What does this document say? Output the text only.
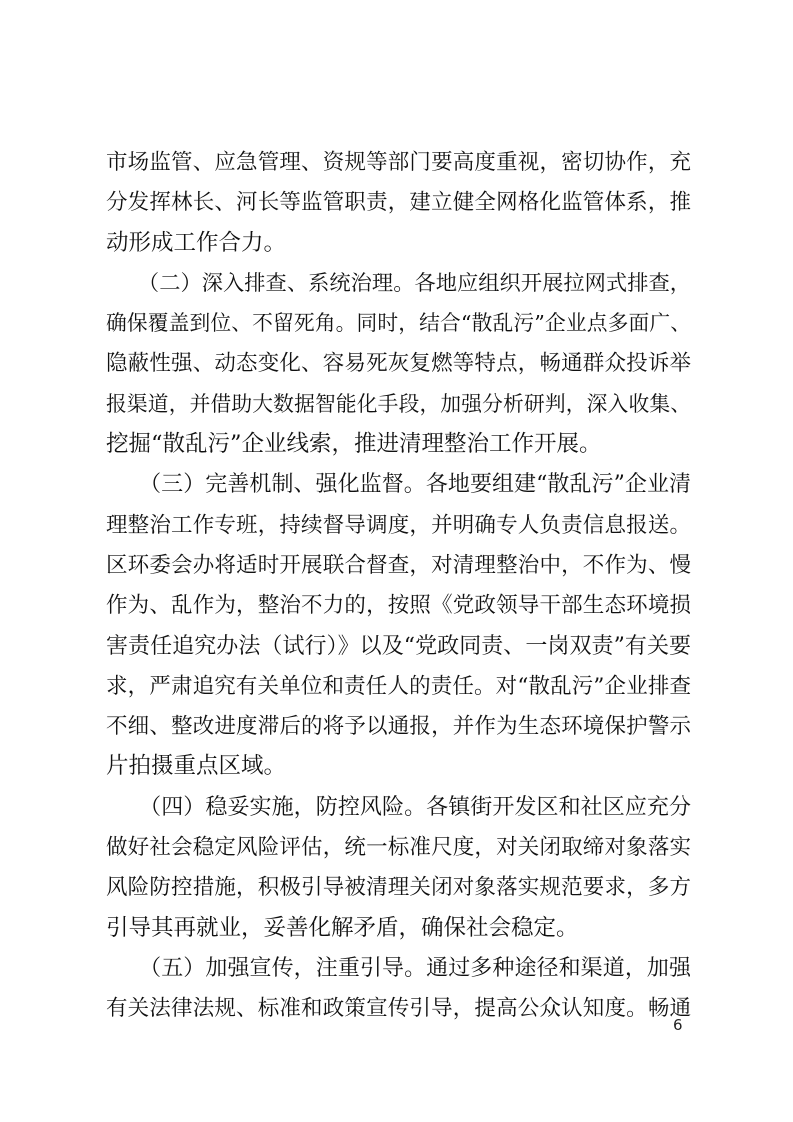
市场监管、应急管理、资规等部门要高度重视，密切协作，充
分发挥林长、河长等监管职责，建立健全网格化监管体系，推
动形成工作合力。
　　（二）深入排查、系统治理。各地应组织开展拉网式排查，
确保覆盖到位、不留死角。同时，结合“散乱污”企业点多面广、
隐蔽性强、动态变化、容易死灰复燃等特点，畅通群众投诉举
报渠道，并借助大数据智能化手段，加强分析研判，深入收集、
挖掘“散乱污”企业线索，推进清理整治工作开展。
　　（三）完善机制、强化监督。各地要组建“散乱污”企业清
理整治工作专班，持续督导调度，并明确专人负责信息报送。
区环委会办将适时开展联合督查，对清理整治中，不作为、慢
作为、乱作为，整治不力的，按照《党政领导干部生态环境损
害责任追究办法（试行）》以及“党政同责、一岗双责”有关要
求，严肃追究有关单位和责任人的责任。对“散乱污”企业排查
不细、整改进度滞后的将予以通报，并作为生态环境保护警示
片拍摄重点区域。
　　（四）稳妥实施，防控风险。各镇街开发区和社区应充分
做好社会稳定风险评估，统一标准尺度，对关闭取缔对象落实
风险防控措施，积极引导被清理关闭对象落实规范要求，多方
引导其再就业，妥善化解矛盾，确保社会稳定。
　　（五）加强宣传，注重引导。通过多种途径和渠道，加强
有关法律法规、标准和政策宣传引导，提高公众认知度。畅通
6
